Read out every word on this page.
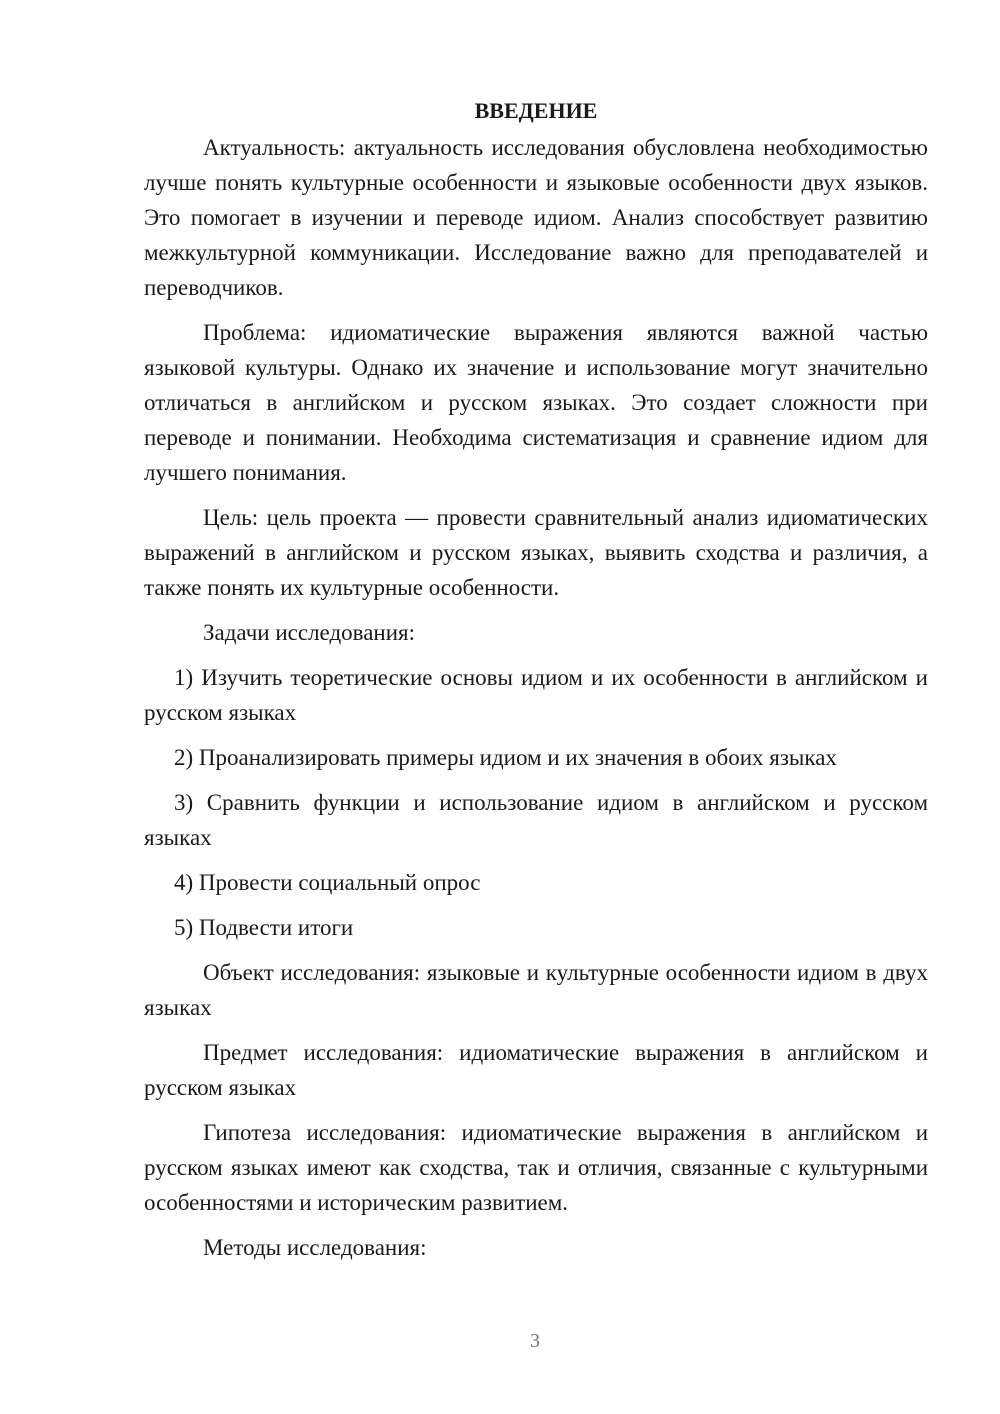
ВВЕДЕНИЕ

Актуальность: актуальность исследования обусловлена необходимостью лучше понять культурные особенности и языковые особенности двух языков. Это помогает в изучении и переводе идиом. Анализ способствует развитию межкультурной коммуникации. Исследование важно для преподавателей и переводчиков.

Проблема: идиоматические выражения являются важной частью языковой культуры. Однако их значение и использование могут значительно отличаться в английском и русском языках. Это создает сложности при переводе и понимании. Необходима систематизация и сравнение идиом для лучшего понимания.

Цель: цель проекта — провести сравнительный анализ идиоматических выражений в английском и русском языках, выявить сходства и различия, а также понять их культурные особенности.

Задачи исследования:

1) Изучить теоретические основы идиом и их особенности в английском и русском языках

2) Проанализировать примеры идиом и их значения в обоих языках

3) Сравнить функции и использование идиом в английском и русском языках

4) Провести социальный опрос

5) Подвести итоги

Объект исследования: языковые и культурные особенности идиом в двух языках

Предмет исследования: идиоматические выражения в английском и русском языках

Гипотеза исследования: идиоматические выражения в английском и русском языках имеют как сходства, так и отличия, связанные с культурными особенностями и историческим развитием.

Методы исследования:

3
